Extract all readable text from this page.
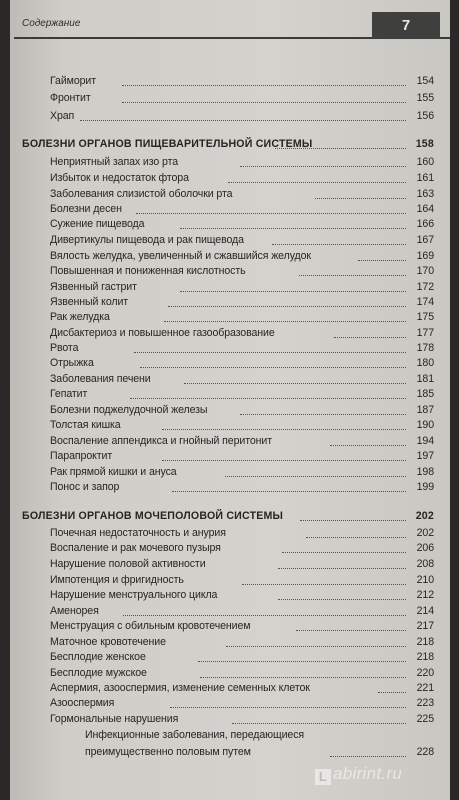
Содержание	7
Гайморит	154
Фронтит	155
Храп	156
БОЛЕЗНИ ОРГАНОВ ПИЩЕВАРИТЕЛЬНОЙ СИСТЕМЫ	158
Неприятный запах изо рта	160
Избыток и недостаток фтора	161
Заболевания слизистой оболочки рта	163
Болезни десен	164
Сужение пищевода	166
Дивертикулы пищевода и рак пищевода	167
Вялость желудка, увеличенный и сжавшийся желудок	169
Повышенная и пониженная кислотность	170
Язвенный гастрит	172
Язвенный колит	174
Рак желудка	175
Дисбактериоз и повышенное газообразование	177
Рвота	178
Отрыжка	180
Заболевания печени	181
Гепатит	185
Болезни поджелудочной железы	187
Толстая кишка	190
Воспаление аппендикса и гнойный перитонит	194
Парапроктит	197
Рак прямой кишки и ануса	198
Понос и запор	199
БОЛЕЗНИ ОРГАНОВ МОЧЕПОЛОВОЙ СИСТЕМЫ	202
Почечная недостаточность и анурия	202
Воспаление и рак мочевого пузыря	206
Нарушение половой активности	208
Импотенция и фригидность	210
Нарушение менструального цикла	212
Аменорея	214
Менструация с обильным кровотечением	217
Маточное кровотечение	218
Бесплодие женское	218
Бесплодие мужское	220
Аспермия, азооспермия, изменение семенных клеток	221
Азооспермия	223
Гормональные нарушения	225
Инфекционные заболевания, передающиеся
преимущественно половым путем	228
L abirint.ru
